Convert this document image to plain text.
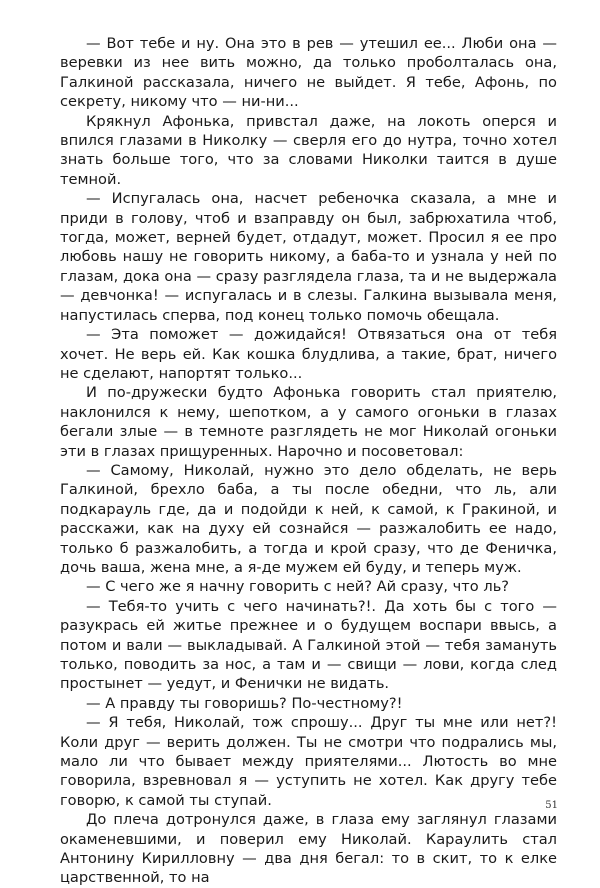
— Вот тебе и ну. Она это в рев — утешил ее... Люби она — веревки из нее вить можно, да только проболталась она, Галкиной рассказала, ничего не выйдет. Я тебе, Афонь, по секрету, никому что — ни-ни...

Крякнул Афонька, привстал даже, на локоть оперся и впился глазами в Николку — сверля его до нутра, точно хотел знать больше того, что за словами Николки таится в душе темной.

— Испугалась она, насчет ребеночка сказала, а мне и приди в голову, чтоб и взаправду он был, забрюхатила чтоб, тогда, может, верней будет, отдадут, может. Просил я ее про любовь нашу не говорить никому, а баба-то и узнала у ней по глазам, дока она — сразу разглядела глаза, та и не выдержала — девчонка! — испугалась и в слезы. Галкина вызывала меня, напустилась сперва, под конец только помочь обещала.

— Эта поможет — дожидайся! Отвязаться она от тебя хочет. Не верь ей. Как кошка блудлива, а такие, брат, ничего не сделают, напортят только...

И по-дружески будто Афонька говорить стал приятелю, наклонился к нему, шепотком, а у самого огоньки в глазах бегали злые — в темноте разглядеть не мог Николай огоньки эти в глазах прищуренных. Нарочно и посоветовал:

— Самому, Николай, нужно это дело обделать, не верь Галкиной, брехло баба, а ты после обедни, что ль, али подкарауль где, да и подойди к ней, к самой, к Гракиной, и расскажи, как на духу ей сознайся — разжалобить ее надо, только б разжалобить, а тогда и крой сразу, что де Феничка, дочь ваша, жена мне, а я-де мужем ей буду, и теперь муж.

— С чего же я начну говорить с ней? Ай сразу, что ль?

— Тебя-то учить с чего начинать?!. Да хоть бы с того — разукрась ей житье прежнее и о будущем воспари ввысь, а потом и вали — выкладывай. А Галкиной этой — тебя замануть только, поводить за нос, а там и — свищи — лови, когда след простынет — уедут, и Фенички не видать.

— А правду ты говоришь? По-честному?!

— Я тебя, Николай, тож спрошу... Друг ты мне или нет?! Коли друг — верить должен. Ты не смотри что подрались мы, мало ли что бывает между приятелями... Лютость во мне говорила, взревновал я — уступить не хотел. Как другу тебе говорю, к самой ты ступай.

До плеча дотронулся даже, в глаза ему заглянул глазами окаменевшими, и поверил ему Николай. Караулить стал Антонину Кирилловну — два дня бегал: то в скит, то к елке царственной, то на

51
